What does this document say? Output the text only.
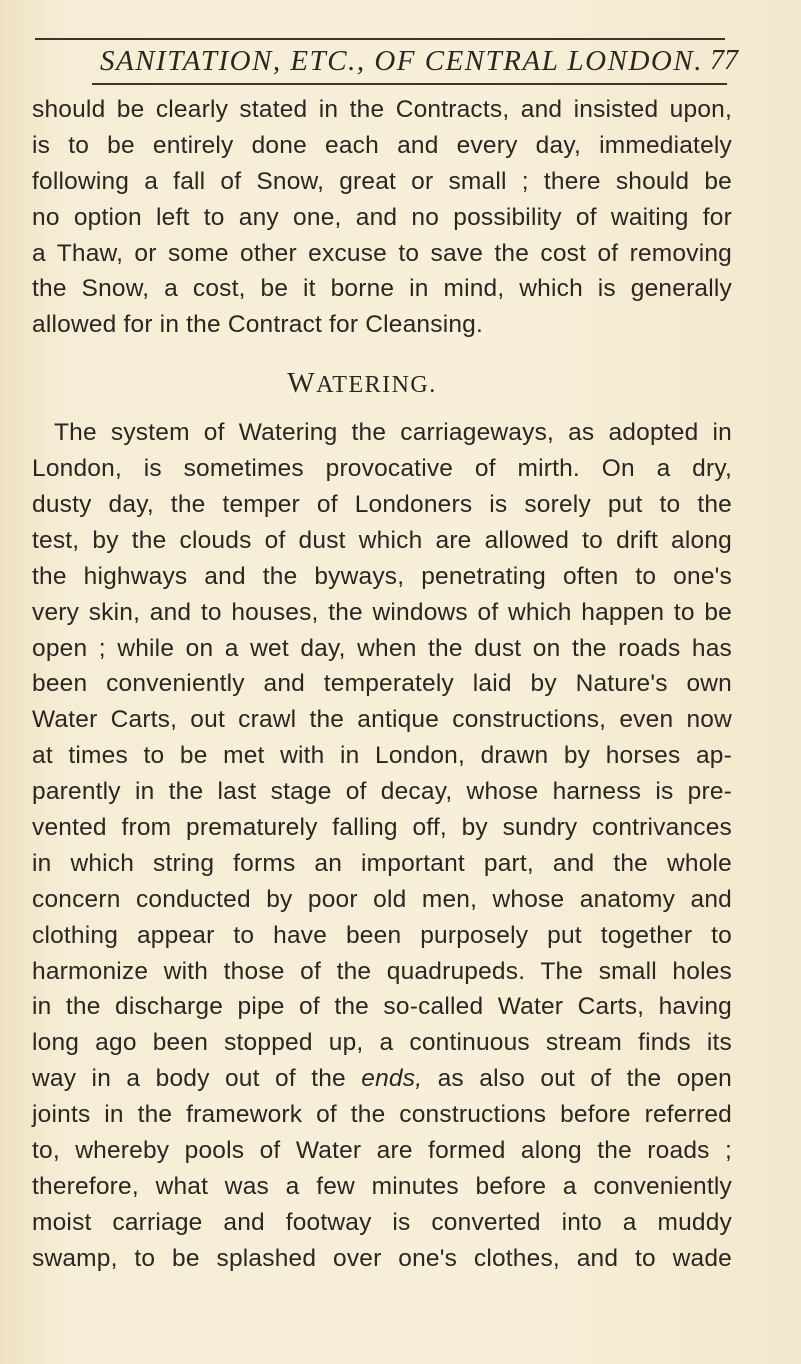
SANITATION, ETC., OF CENTRAL LONDON. 77
should be clearly stated in the Contracts, and insisted upon,
is to be entirely done each and every day, immediately
following a fall of Snow, great or small ; there should be
no option left to any one, and no possibility of waiting for
a Thaw, or some other excuse to save the cost of removing
the Snow, a cost, be it borne in mind, which is generally
allowed for in the Contract for Cleansing.
WATERING.
The system of Watering the carriageways, as adopted in
London, is sometimes provocative of mirth. On a dry,
dusty day, the temper of Londoners is sorely put to the
test, by the clouds of dust which are allowed to drift along
the highways and the byways, penetrating often to one's
very skin, and to houses, the windows of which happen to be
open ; while on a wet day, when the dust on the roads has
been conveniently and temperately laid by Nature's own
Water Carts, out crawl the antique constructions, even now
at times to be met with in London, drawn by horses ap-
parently in the last stage of decay, whose harness is pre-
vented from prematurely falling off, by sundry contrivances
in which string forms an important part, and the whole
concern conducted by poor old men, whose anatomy and
clothing appear to have been purposely put together to
harmonize with those of the quadrupeds. The small holes
in the discharge pipe of the so-called Water Carts, having
long ago been stopped up, a continuous stream finds its
way in a body out of the ends, as also out of the open
joints in the framework of the constructions before referred
to, whereby pools of Water are formed along the roads ;
therefore, what was a few minutes before a conveniently
moist carriage and footway is converted into a muddy
swamp, to be splashed over one's clothes, and to wade
